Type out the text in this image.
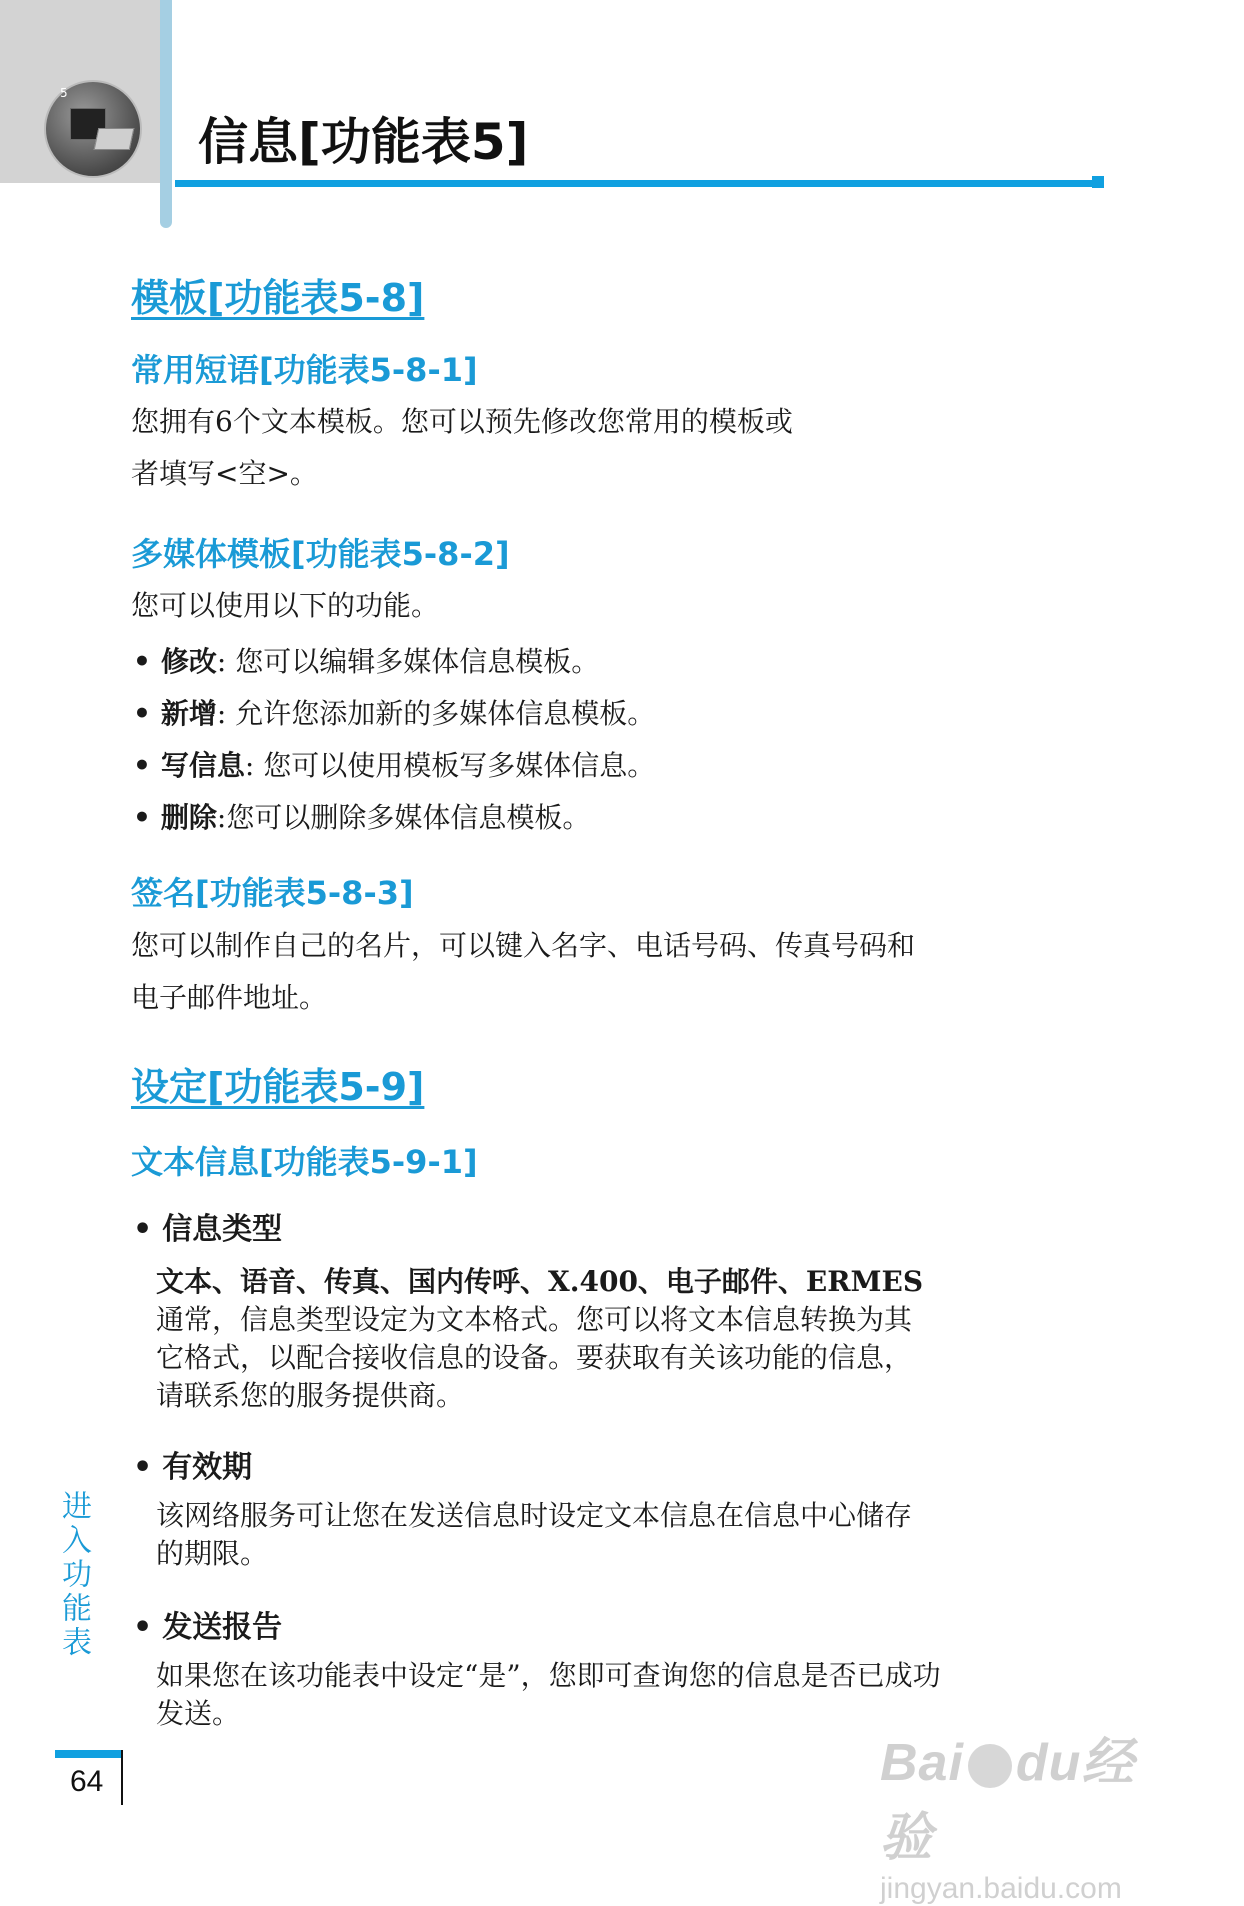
5
信息[功能表5]
模板[功能表5-8]
常用短语[功能表5-8-1]

您拥有6个文本模板。您可以预先修改您常用的模板或

者填写<空>。

多媒体模板[功能表5-8-2]

您可以使用以下的功能。

• 修改: 您可以编辑多媒体信息模板。

• 新增: 允许您添加新的多媒体信息模板。

• 写信息: 您可以使用模板写多媒体信息。

• 删除:您可以删除多媒体信息模板。

签名[功能表5-8-3]

您可以制作自己的名片，可以键入名字、电话号码、传真号码和

电子邮件地址。

设定[功能表5-9]
文本信息[功能表5-9-1]

• 信息类型

文本、语音、传真、国内传呼、X.400、电子邮件、ERMES

通常，信息类型设定为文本格式。您可以将文本信息转换为其

它格式，以配合接收信息的设备。要获取有关该功能的信息，

请联系您的服务提供商。

• 有效期

该网络服务可让您在发送信息时设定文本信息在信息中心储存

的期限。

• 发送报告

如果您在该功能表中设定“是”，您即可查询您的信息是否已成功

发送。

进入功能表
64	Bai du经验
jingyan.baidu.com
